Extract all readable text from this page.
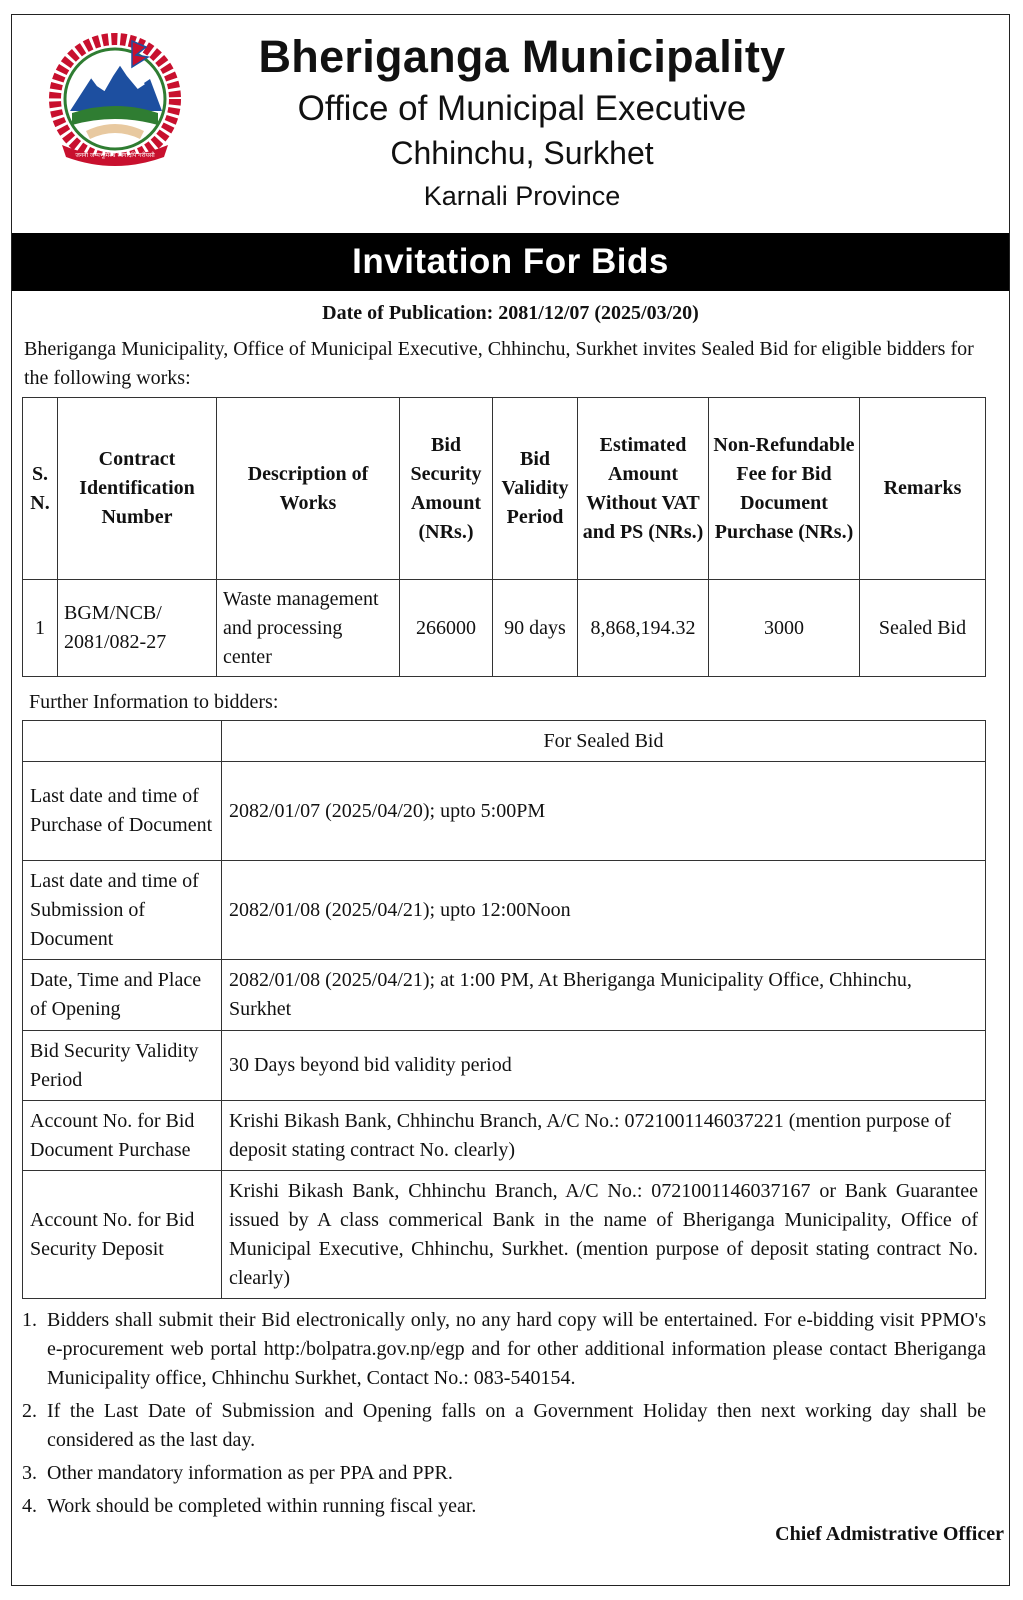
जननी जन्मभूमिश्च स्वर्गादपि गरीयसी
Bheriganga Municipality
Office of Municipal Executive
Chhinchu, Surkhet
Karnali Province
Invitation For Bids
Date of Publication: 2081/12/07 (2025/03/20)
Bheriganga Municipality, Office of Municipal Executive, Chhinchu, Surkhet invites Sealed Bid for eligible bidders for the following works:
S. N.	Contract Identification Number	Description of Works	Bid Security Amount (NRs.)	Bid Validity Period	Estimated Amount Without VAT and PS (NRs.)	Non-Refundable Fee for Bid Document Purchase (NRs.)	Remarks
1	BGM/NCB/ 2081/082-27	Waste management and processing center	266000	90 days	8,868,194.32	3000	Sealed Bid
Further Information to bidders:
	For Sealed Bid
Last date and time of Purchase of Document	2082/01/07 (2025/04/20); upto 5:00PM
Last date and time of Submission of Document	2082/01/08 (2025/04/21); upto 12:00Noon
Date, Time and Place of Opening	2082/01/08 (2025/04/21); at 1:00 PM, At Bheriganga Municipality Office, Chhinchu, Surkhet
Bid Security Validity Period	30 Days beyond bid validity period
Account No. for Bid Document Purchase	Krishi Bikash Bank, Chhinchu Branch, A/C No.: 0721001146037221 (mention purpose of deposit stating contract No. clearly)
Account No. for Bid Security Deposit	Krishi Bikash Bank, Chhinchu Branch, A/C No.: 0721001146037167 or Bank Guarantee issued by A class commerical Bank in the name of Bheriganga Municipality, Office of Municipal Executive, Chhinchu, Surkhet. (mention purpose of deposit stating contract No. clearly)
1. Bidders shall submit their Bid electronically only, no any hard copy will be entertained. For e-bidding visit PPMO's e-procurement web portal http:/bolpatra.gov.np/egp and for other additional information please contact Bheriganga Municipality office, Chhinchu Surkhet, Contact No.: 083-540154.
2. If the Last Date of Submission and Opening falls on a Government Holiday then next working day shall be considered as the last day.
3. Other mandatory information as per PPA and PPR.
4. Work should be completed within running fiscal year.
Chief Admistrative Officer
